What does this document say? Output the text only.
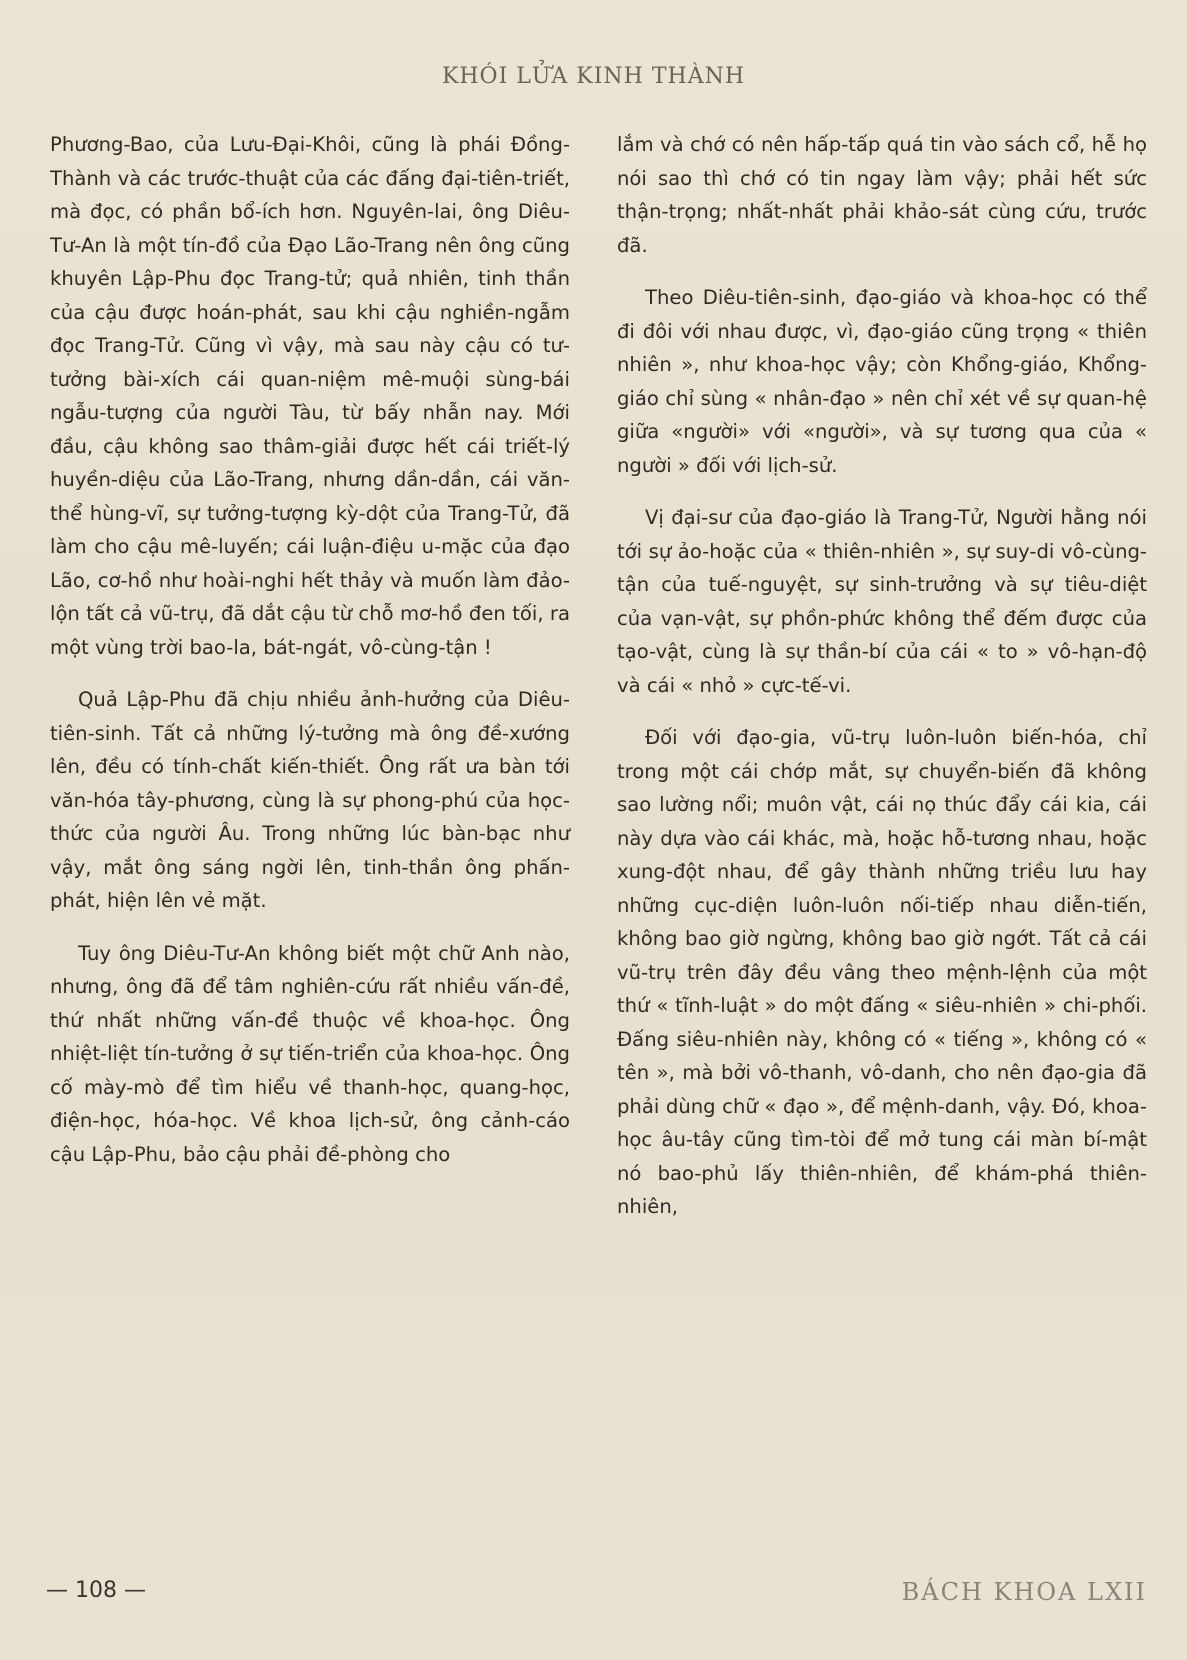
KHÓI LỬA KINH THÀNH

Phương-Bao, của Lưu-Đại-Khôi, cũng là phái Đồng-Thành và các trước-thuật của các đấng đại-tiên-triết, mà đọc, có phần bổ-ích hơn. Nguyên-lai, ông Diêu-Tư-An là một tín-đồ của Đạo Lão-Trang nên ông cũng khuyên Lập-Phu đọc Trang-tử; quả nhiên, tinh thần của cậu được hoán-phát, sau khi cậu nghiền-ngẫm đọc Trang-Tử. Cũng vì vậy, mà sau này cậu có tư-tưởng bài-xích cái quan-niệm mê-muội sùng-bái ngẫu-tượng của người Tàu, từ bấy nhẫn nay. Mới đầu, cậu không sao thâm-giải được hết cái triết-lý huyền-diệu của Lão-Trang, nhưng dần-dần, cái văn-thể hùng-vĩ, sự tưởng-tượng kỳ-dột của Trang-Tử, đã làm cho cậu mê-luyến; cái luận-điệu u-mặc của đạo Lão, cơ-hồ như hoài-nghi hết thảy và muốn làm đảo-lộn tất cả vũ-trụ, đã dắt cậu từ chỗ mơ-hồ đen tối, ra một vùng trời bao-la, bát-ngát, vô-cùng-tận !

Quả Lập-Phu đã chịu nhiều ảnh-hưởng của Diêu-tiên-sinh. Tất cả những lý-tưởng mà ông đề-xướng lên, đều có tính-chất kiến-thiết. Ông rất ưa bàn tới văn-hóa tây-phương, cùng là sự phong-phú của học-thức của người Âu. Trong những lúc bàn-bạc như vậy, mắt ông sáng ngời lên, tinh-thần ông phấn-phát, hiện lên vẻ mặt.

Tuy ông Diêu-Tư-An không biết một chữ Anh nào, nhưng, ông đã để tâm nghiên-cứu rất nhiều vấn-đề, thứ nhất những vấn-đề thuộc về khoa-học. Ông nhiệt-liệt tín-tưởng ở sự tiến-triển của khoa-học. Ông cố mày-mò để tìm hiểu về thanh-học, quang-học, điện-học, hóa-học. Về khoa lịch-sử, ông cảnh-cáo cậu Lập-Phu, bảo cậu phải đề-phòng cho

lắm và chớ có nên hấp-tấp quá tin vào sách cổ, hễ họ nói sao thì chớ có tin ngay làm vậy; phải hết sức thận-trọng; nhất-nhất phải khảo-sát cùng cứu, trước đã.

Theo Diêu-tiên-sinh, đạo-giáo và khoa-học có thể đi đôi với nhau được, vì, đạo-giáo cũng trọng « thiên nhiên », như khoa-học vậy; còn Khổng-giáo, Khổng-giáo chỉ sùng « nhân-đạo » nên chỉ xét về sự quan-hệ giữa «người» với «người», và sự tương qua của « người » đối với lịch-sử.

Vị đại-sư của đạo-giáo là Trang-Tử, Người hằng nói tới sự ảo-hoặc của « thiên-nhiên », sự suy-di vô-cùng-tận của tuế-nguyệt, sự sinh-trưởng và sự tiêu-diệt của vạn-vật, sự phồn-phức không thể đếm được của tạo-vật, cùng là sự thần-bí của cái « to » vô-hạn-độ và cái « nhỏ » cực-tế-vi.

Đối với đạo-gia, vũ-trụ luôn-luôn biến-hóa, chỉ trong một cái chớp mắt, sự chuyển-biến đã không sao lường nổi; muôn vật, cái nọ thúc đẩy cái kia, cái này dựa vào cái khác, mà, hoặc hỗ-tương nhau, hoặc xung-đột nhau, để gây thành những triều lưu hay những cục-diện luôn-luôn nối-tiếp nhau diễn-tiến, không bao giờ ngừng, không bao giờ ngớt. Tất cả cái vũ-trụ trên đây đều vâng theo mệnh-lệnh của một thứ « tĩnh-luật » do một đấng « siêu-nhiên » chi-phối. Đấng siêu-nhiên này, không có « tiếng », không có « tên », mà bởi vô-thanh, vô-danh, cho nên đạo-gia đã phải dùng chữ « đạo », để mệnh-danh, vậy. Đó, khoa-học âu-tây cũng tìm-tòi để mở tung cái màn bí-mật nó bao-phủ lấy thiên-nhiên, để khám-phá thiên-nhiên,

— 108 —	BÁCH KHOA LXII
